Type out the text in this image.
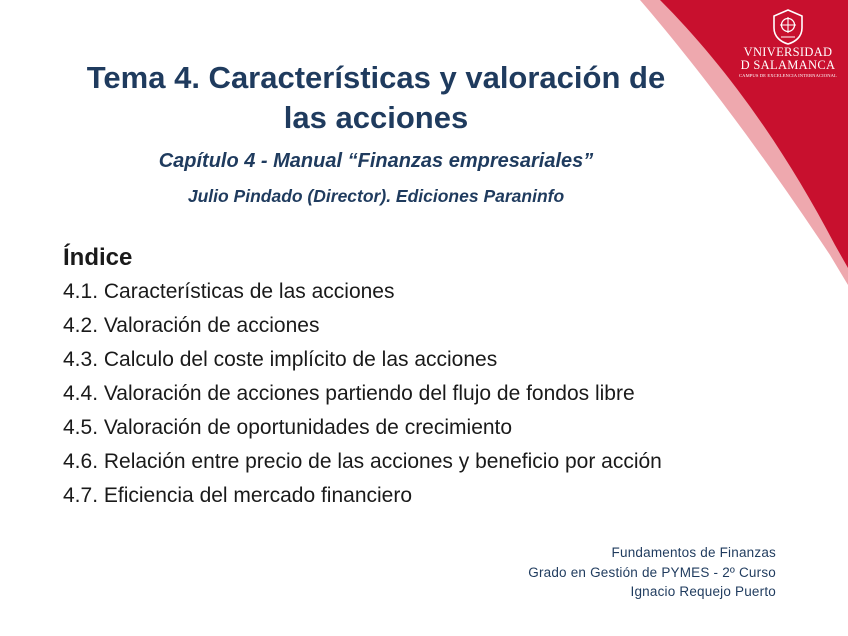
VNIVERSIDAD
D SALAMANCA
CAMPUS DE EXCELENCIA INTERNACIONAL
Tema 4. Características y valoración de
las acciones

Capítulo 4 - Manual “Finanzas empresariales”

Julio Pindado (Director). Ediciones Paraninfo

Índice
4.1. Características de las acciones
4.2. Valoración de acciones
4.3. Calculo del coste implícito de las acciones
4.4. Valoración de acciones partiendo del flujo de fondos libre
4.5. Valoración de oportunidades de crecimiento
4.6. Relación entre precio de las acciones y beneficio por acción
4.7. Eficiencia del mercado financiero
Fundamentos de Finanzas
Grado en Gestión de PYMES - 2º Curso
Ignacio Requejo Puerto
